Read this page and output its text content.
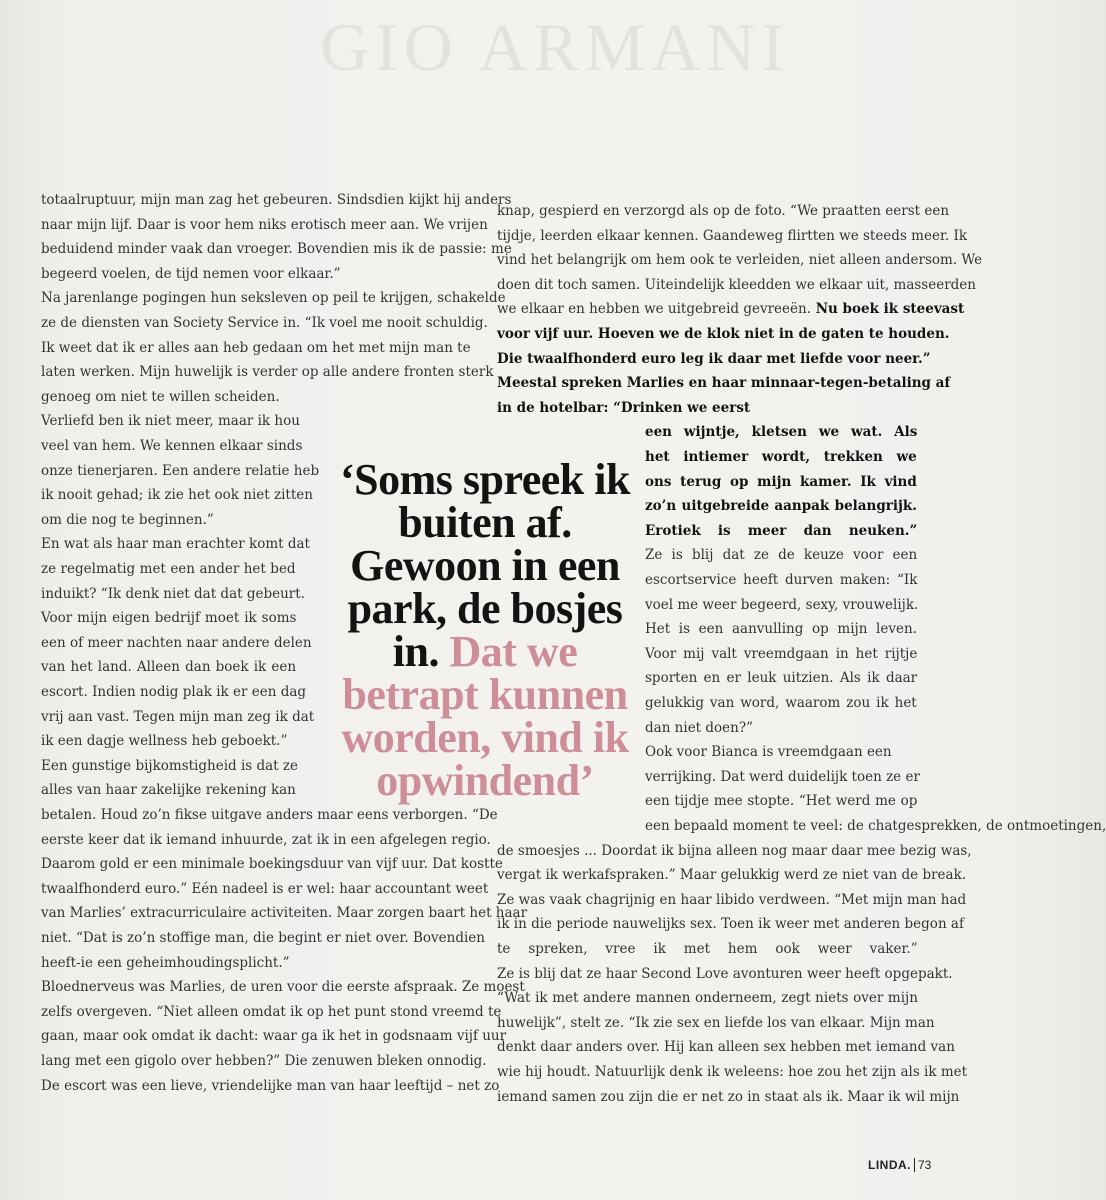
GIO ARMANI
totaalruptuur, mijn man zag het gebeuren. Sindsdien kijkt hij anders
naar mijn lijf. Daar is voor hem niks erotisch meer aan. We vrijen
beduidend minder vaak dan vroeger. Bovendien mis ik de passie: me
begeerd voelen, de tijd nemen voor elkaar.”
Na jarenlange pogingen hun seksleven op peil te krijgen, schakelde
ze de diensten van Society Service in. “Ik voel me nooit schuldig.
Ik weet dat ik er alles aan heb gedaan om het met mijn man te
laten werken. Mijn huwelijk is verder op alle andere fronten sterk
genoeg om niet te willen scheiden.
Verliefd ben ik niet meer, maar ik hou
veel van hem. We kennen elkaar sinds
onze tienerjaren. Een andere relatie heb
ik nooit gehad; ik zie het ook niet zitten
om die nog te beginnen.”
En wat als haar man erachter komt dat
ze regelmatig met een ander het bed
induikt? “Ik denk niet dat dat gebeurt.
Voor mijn eigen bedrijf moet ik soms
een of meer nachten naar andere delen
van het land. Alleen dan boek ik een
escort. Indien nodig plak ik er een dag
vrij aan vast. Tegen mijn man zeg ik dat
ik een dagje wellness heb geboekt.”
Een gunstige bijkomstigheid is dat ze
alles van haar zakelijke rekening kan
betalen. Houd zo’n fikse uitgave anders maar eens verborgen. “De
eerste keer dat ik iemand inhuurde, zat ik in een afgelegen regio.
Daarom gold er een minimale boekingsduur van vijf uur. Dat kostte
twaalfhonderd euro.” Eén nadeel is er wel: haar accountant weet
van Marlies’ extracurriculaire activiteiten. Maar zorgen baart het haar
niet. “Dat is zo’n stoffige man, die begint er niet over. Bovendien
heeft-ie een geheimhoudingsplicht.”
Bloednerveus was Marlies, de uren voor die eerste afspraak. Ze moest
zelfs overgeven. “Niet alleen omdat ik op het punt stond vreemd te
gaan, maar ook omdat ik dacht: waar ga ik het in godsnaam vijf uur
lang met een gigolo over hebben?” Die zenuwen bleken onnodig.
De escort was een lieve, vriendelijke man van haar leeftijd – net zo
knap, gespierd en verzorgd als op de foto. “We praatten eerst een
tijdje, leerden elkaar kennen. Gaandeweg flirtten we steeds meer. Ik
vind het belangrijk om hem ook te verleiden, niet alleen andersom. We
doen dit toch samen. Uiteindelijk kleedden we elkaar uit, masseerden
we elkaar en hebben we uitgebreid gevreeën. Nu boek ik steevast
voor vijf uur. Hoeven we de klok niet in de gaten te houden.
Die twaalfhonderd euro leg ik daar met liefde voor neer.”
Meestal spreken Marlies en haar minnaar-tegen-betaling af
in de hotelbar: “Drinken we eerst
een wijntje, kletsen we wat. Als
het intiemer wordt, trekken we
ons terug op mijn kamer. Ik vind
zo’n uitgebreide aanpak belangrijk.
Erotiek is meer dan neuken.”
Ze is blij dat ze de keuze voor een
escortservice heeft durven maken: “Ik
voel me weer begeerd, sexy, vrouwelijk.
Het is een aanvulling op mijn leven.
Voor mij valt vreemdgaan in het rijtje
sporten en er leuk uitzien. Als ik daar
gelukkig van word, waarom zou ik het
dan niet doen?”
Ook voor Bianca is vreemdgaan een
verrijking. Dat werd duidelijk toen ze er
een tijdje mee stopte. “Het werd me op
een bepaald moment te veel: de chatgesprekken, de ontmoetingen,
de smoesjes ... Doordat ik bijna alleen nog maar daar mee bezig was,
vergat ik werkafspraken.” Maar gelukkig werd ze niet van de break.
Ze was vaak chagrijnig en haar libido verdween. “Met mijn man had
ik in die periode nauwelijks sex. Toen ik weer met anderen begon af
te spreken, vree ik met hem ook weer vaker.”
Ze is blij dat ze haar Second Love avonturen weer heeft opgepakt.
“Wat ik met andere mannen onderneem, zegt niets over mijn
huwelijk”, stelt ze. “Ik zie sex en liefde los van elkaar. Mijn man
denkt daar anders over. Hij kan alleen sex hebben met iemand van
wie hij houdt. Natuurlijk denk ik weleens: hoe zou het zijn als ik met
iemand samen zou zijn die er net zo in staat als ik. Maar ik wil mijn
‘Soms spreek ik buiten af. Gewoon in een park, de bosjes in. Dat we betrapt kunnen worden, vind ik opwindend’
LINDA. 73
